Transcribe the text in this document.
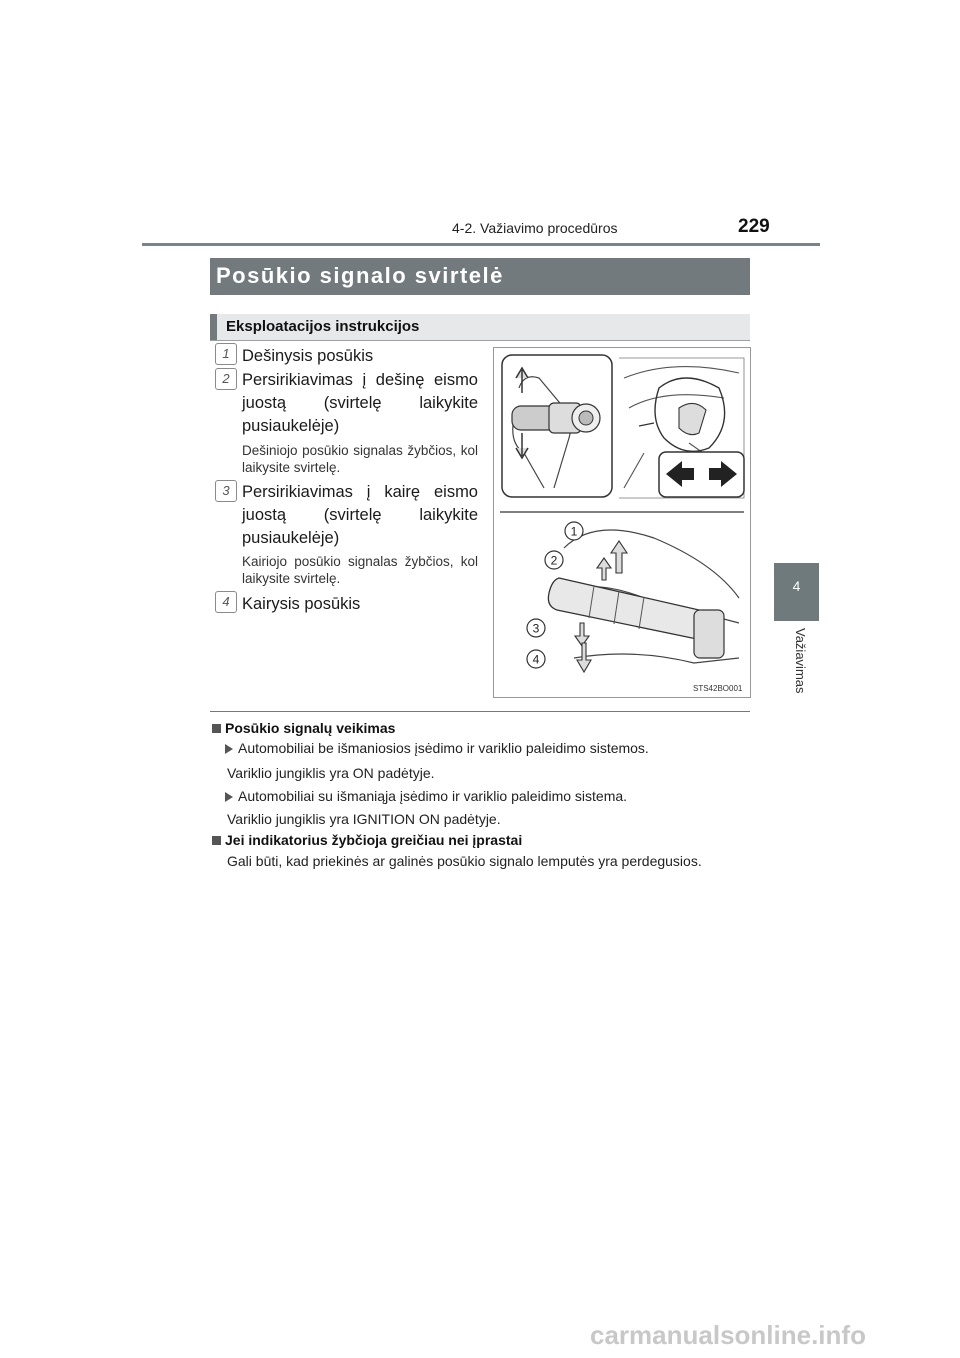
4-2. Važiavimo procedūros	229
4
Važiavimas
Posūkio signalo svirtelė
Eksploatacijos instrukcijos
1 Dešinysis posūkis
2 Persirikiavimas į dešinę eismo juostą (svirtelę laikykite pusiaukelėje)
Dešiniojo posūkio signalas žybčios, kol laikysite svirtelę.
3 Persirikiavimas į kairę eismo juostą (svirtelę laikykite pusiaukelėje)
Kairiojo posūkio signalas žybčios, kol laikysite svirtelę.
4 Kairysis posūkis
1
2
3
4
STS42BO001
Posūkio signalų veikimas
Automobiliai be išmaniosios įsėdimo ir variklio paleidimo sistemos.
Variklio jungiklis yra ON padėtyje.
Automobiliai su išmaniąja įsėdimo ir variklio paleidimo sistema.
Variklio jungiklis yra IGNITION ON padėtyje.
Jei indikatorius žybčioja greičiau nei įprastai
Gali būti, kad priekinės ar galinės posūkio signalo lemputės yra perdegusios.
carmanualsonline.info
